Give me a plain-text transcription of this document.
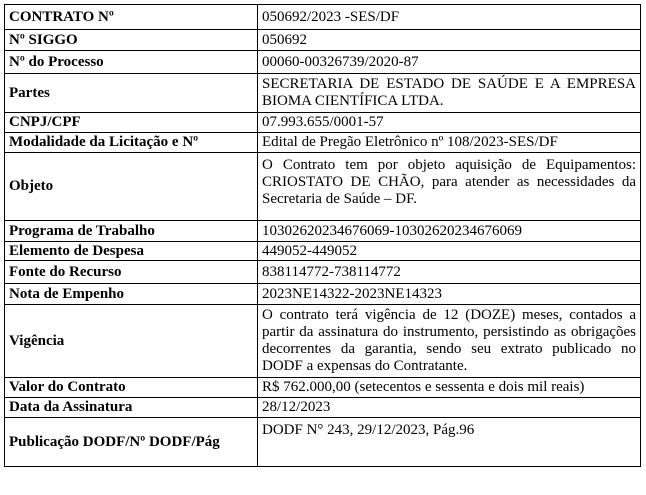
CONTRATO Nº	050692/2023 -SES/DF
Nº SIGGO	050692
Nº do Processo	00060-00326739/2020-87
Partes	SECRETARIA DE ESTADO DE SAÚDE E A EMPRESA BIOMA CIENTÍFICA LTDA.
CNPJ/CPF	07.993.655/0001-57
Modalidade da Licitação e Nº	Edital de Pregão Eletrônico nº 108/2023-SES/DF
Objeto	O Contrato tem por objeto aquisição de Equipamentos: CRIOSTATO DE CHÃO, para atender as necessidades da Secretaria de Saúde – DF.
Programa de Trabalho	10302620234676069-10302620234676069
Elemento de Despesa	449052-449052
Fonte do Recurso	838114772-738114772
Nota de Empenho	2023NE14322-2023NE14323
Vigência	O contrato terá vigência de 12 (DOZE) meses, contados a partir da assinatura do instrumento, persistindo as obrigações decorrentes da garantia, sendo seu extrato publicado no DODF a expensas do Contratante.
Valor do Contrato	R$ 762.000,00 (setecentos e sessenta e dois mil reais)
Data da Assinatura	28/12/2023
Publicação DODF/Nº DODF/Pág	DODF N° 243, 29/12/2023, Pág.96
